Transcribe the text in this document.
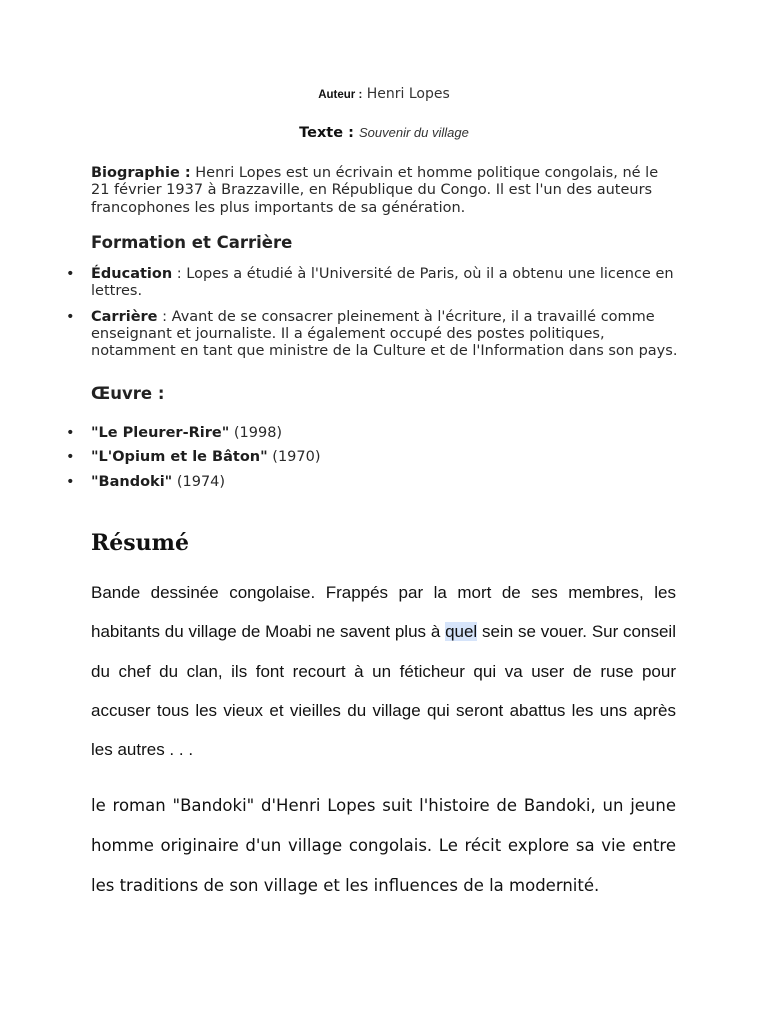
Auteur : Henri Lopes
Texte : Souvenir du village
Biographie : Henri Lopes est un écrivain et homme politique congolais, né le 21 février 1937 à Brazzaville, en République du Congo. Il est l'un des auteurs francophones les plus importants de sa génération.
Formation et Carrière
• Éducation : Lopes a étudié à l'Université de Paris, où il a obtenu une licence en lettres.
• Carrière : Avant de se consacrer pleinement à l'écriture, il a travaillé comme enseignant et journaliste. Il a également occupé des postes politiques, notamment en tant que ministre de la Culture et de l'Information dans son pays.
Œuvre :
• "Le Pleurer-Rire" (1998)
• "L'Opium et le Bâton" (1970)
• "Bandoki" (1974)
Résumé
Bande dessinée congolaise. Frappés par la mort de ses membres, les habitants du village de Moabi ne savent plus à quel sein se vouer. Sur conseil du chef du clan, ils font recourt à un féticheur qui va user de ruse pour accuser tous les vieux et vieilles du village qui seront abattus les uns après les autres . . .
le roman "Bandoki" d'Henri Lopes suit l'histoire de Bandoki, un jeune homme originaire d'un village congolais. Le récit explore sa vie entre les traditions de son village et les influences de la modernité.
